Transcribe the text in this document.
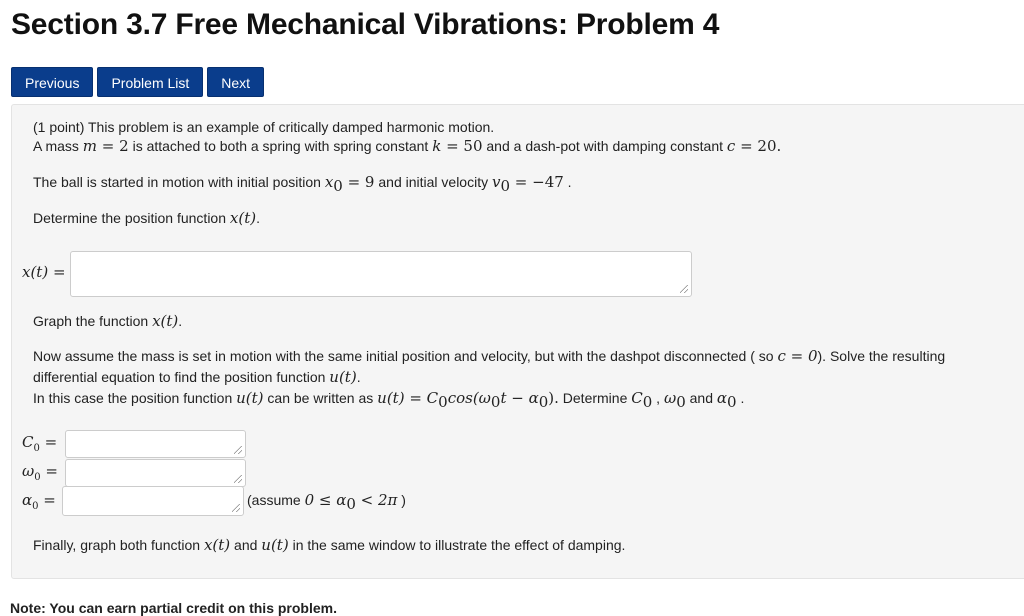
Section 3.7 Free Mechanical Vibrations: Problem 4
Previous	Problem List	Next
(1 point) This problem is an example of critically damped harmonic motion.
A mass m = 2 is attached to both a spring with spring constant k = 50 and a dash-pot with damping constant c = 20.
The ball is started in motion with initial position $x_0 = 9$ and initial velocity $v_0 = -47$ .
Determine the position function x(t).
x(t) =
Graph the function x(t).
Now assume the mass is set in motion with the same initial position and velocity, but with the dashpot disconnected ( so c = 0). Solve the resulting
differential equation to find the position function u(t).
In this case the position function u(t) can be written as $u(t) = C_0\cos(\omega_0t - \alpha_0)$. Determine $C_0$ , $\omega_0$ and $\alpha_0$ .
$C_0$ =
$\omega_0$ =
$\alpha_0$ =	(assume $0 \le \alpha_0 < 2\pi$ )
Finally, graph both function x(t) and u(t) in the same window to illustrate the effect of damping.
Note: You can earn partial credit on this problem.
